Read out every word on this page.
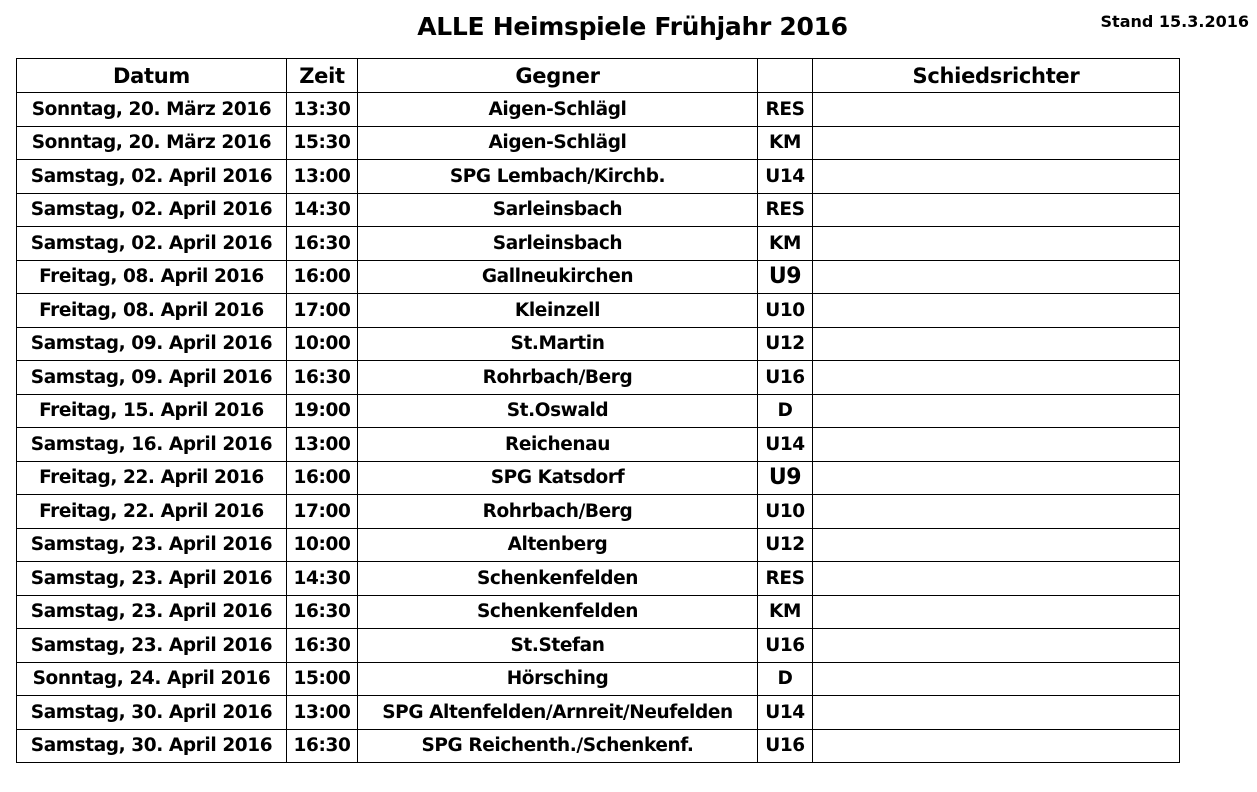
ALLE Heimspiele Frühjahr 2016	Stand 15.3.2016
Datum	Zeit	Gegner		Schiedsrichter
Sonntag, 20. März 2016	13:30	Aigen-Schlägl	RES	
Sonntag, 20. März 2016	15:30	Aigen-Schlägl	KM	
Samstag, 02. April 2016	13:00	SPG Lembach/Kirchb.	U14	
Samstag, 02. April 2016	14:30	Sarleinsbach	RES	
Samstag, 02. April 2016	16:30	Sarleinsbach	KM	
Freitag, 08. April 2016	16:00	Gallneukirchen	U9	
Freitag, 08. April 2016	17:00	Kleinzell	U10	
Samstag, 09. April 2016	10:00	St.Martin	U12	
Samstag, 09. April 2016	16:30	Rohrbach/Berg	U16	
Freitag, 15. April 2016	19:00	St.Oswald	D	
Samstag, 16. April 2016	13:00	Reichenau	U14	
Freitag, 22. April 2016	16:00	SPG Katsdorf	U9	
Freitag, 22. April 2016	17:00	Rohrbach/Berg	U10	
Samstag, 23. April 2016	10:00	Altenberg	U12	
Samstag, 23. April 2016	14:30	Schenkenfelden	RES	
Samstag, 23. April 2016	16:30	Schenkenfelden	KM	
Samstag, 23. April 2016	16:30	St.Stefan	U16	
Sonntag, 24. April 2016	15:00	Hörsching	D	
Samstag, 30. April 2016	13:00	SPG Altenfelden/Arnreit/Neufelden	U14	
Samstag, 30. April 2016	16:30	SPG Reichenth./Schenkenf.	U16	
